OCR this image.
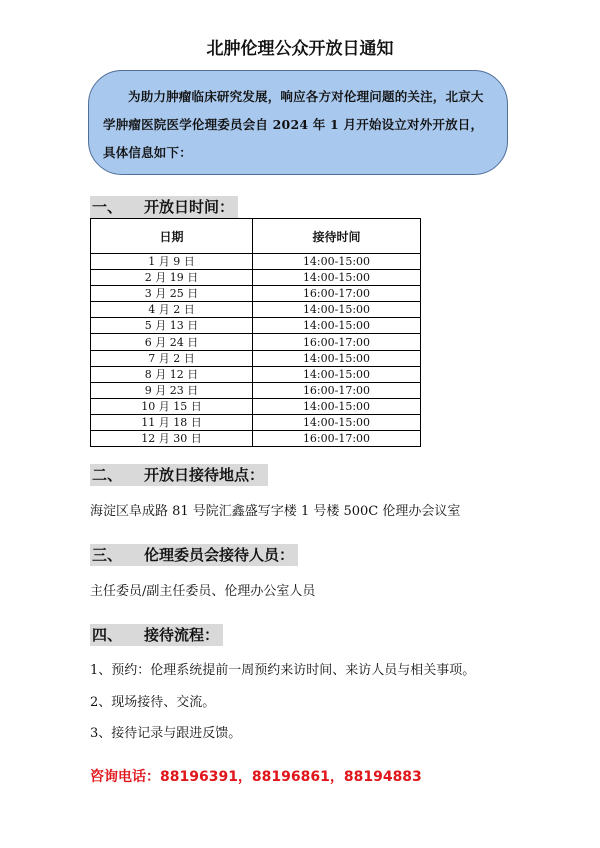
北肿伦理公众开放日通知
为助力肿瘤临床研究发展，响应各方对伦理问题的关注，北京大学肿瘤医院医学伦理委员会自 2024 年 1 月开始设立对外开放日，具体信息如下：
一、 开放日时间：
日期	接待时间
1 月 9 日	14:00-15:00
2 月 19 日	14:00-15:00
3 月 25 日	16:00-17:00
4 月 2 日	14:00-15:00
5 月 13 日	14:00-15:00
6 月 24 日	16:00-17:00
7 月 2 日	14:00-15:00
8 月 12 日	14:00-15:00
9 月 23 日	16:00-17:00
10 月 15 日	14:00-15:00
11 月 18 日	14:00-15:00
12 月 30 日	16:00-17:00
二、 开放日接待地点：
海淀区阜成路 81 号院汇鑫盛写字楼 1 号楼 500C 伦理办会议室
三、 伦理委员会接待人员：
主任委员/副主任委员、伦理办公室人员
四、 接待流程：
1、预约：伦理系统提前一周预约来访时间、来访人员与相关事项。
2、现场接待、交流。
3、接待记录与跟进反馈。
咨询电话：88196391，88196861，88194883
